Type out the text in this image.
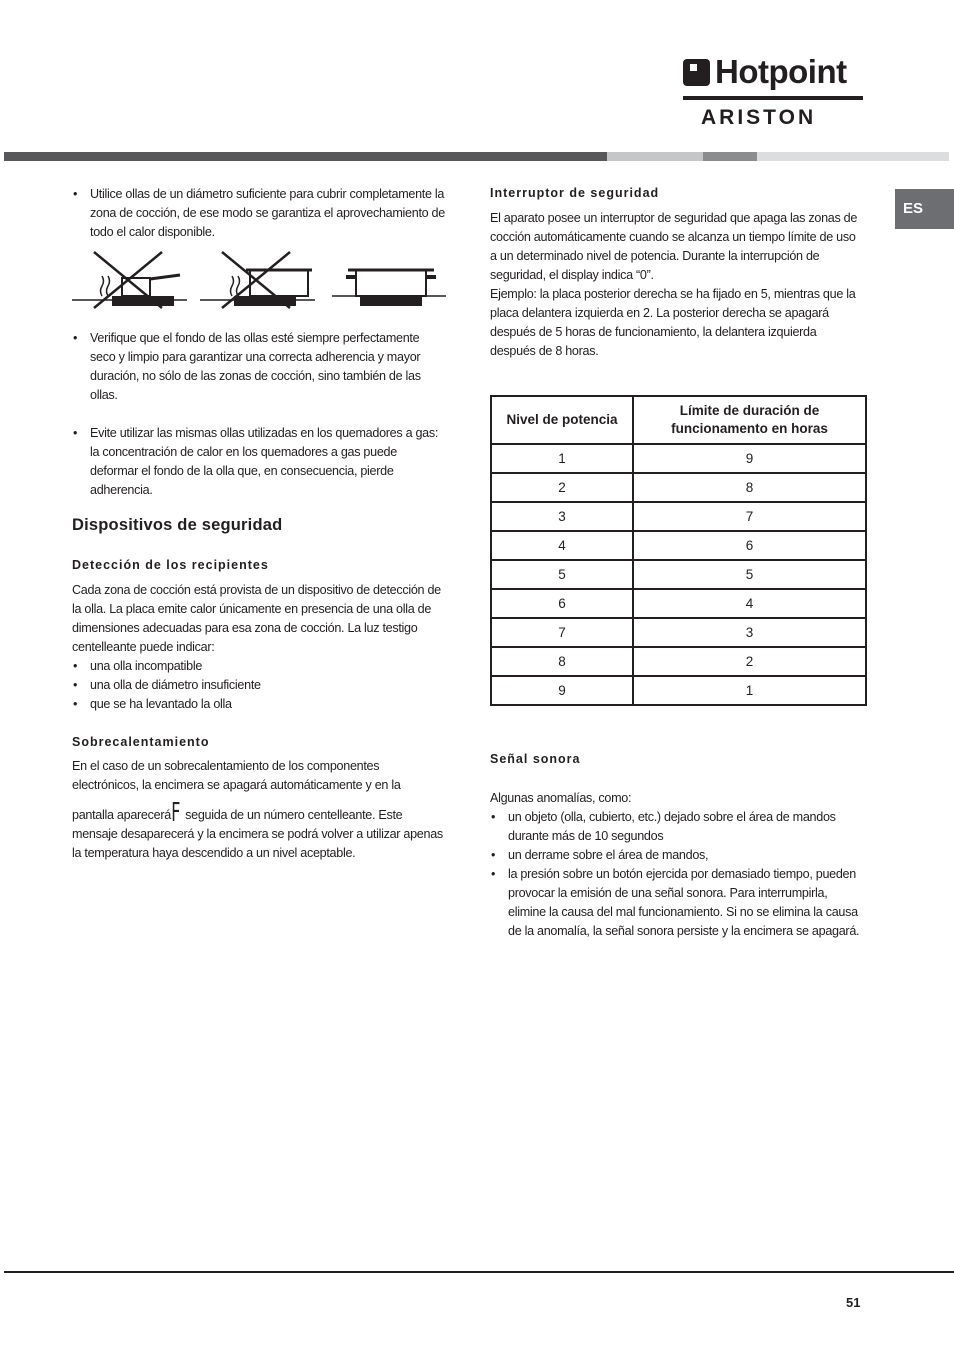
Hotpoint
ARISTON
ES

• Utilice ollas de un diámetro suficiente para cubrir completamente la zona de cocción, de ese modo se garantiza el aprovechamiento de todo el calor disponible.

• Verifique que el fondo de las ollas esté siempre perfectamente seco y limpio para garantizar una correcta adherencia y mayor duración, no sólo de las zonas de cocción, sino también de las ollas.

• Evite utilizar las mismas ollas utilizadas en los quemadores a gas: la concentración de calor en los quemadores a gas puede deformar el fondo de la olla que, en consecuencia, pierde adherencia.

Dispositivos de seguridad
Detección de los recipientes

Cada zona de cocción está provista de un dispositivo de detección de la olla. La placa emite calor únicamente en presencia de una olla de dimensiones adecuadas para esa zona de cocción. La luz testigo centelleante puede indicar:

• una olla incompatible

• una olla de diámetro insuficiente

• que se ha levantado la olla

Sobrecalentamiento

En el caso de un sobrecalentamiento de los componentes electrónicos, la encimera se apagará automáticamente y en la

pantalla apareceráF seguida de un número centelleante. Este

mensaje desaparecerá y la encimera se podrá volver a utilizar apenas la temperatura haya descendido a un nivel aceptable.

Interruptor de seguridad

El aparato posee un interruptor de seguridad que apaga las zonas de cocción automáticamente cuando se alcanza un tiempo límite de uso a un determinado nivel de potencia. Durante la interrupción de seguridad, el display indica “0”.

Ejemplo: la placa posterior derecha se ha fijado en 5, mientras que la placa delantera izquierda en 2. La posterior derecha se apagará después de 5 horas de funcionamiento, la delantera izquierda después de 8 horas.

Nivel de potencia	Límite de duración de funcionamento en horas
1	9
2	8
3	7
4	6
5	5
6	4
7	3
8	2
9	1
Señal sonora

Algunas anomalías, como:

• un objeto (olla, cubierto, etc.) dejado sobre el área de mandos durante más de 10 segundos

• un derrame sobre el área de mandos,

• la presión sobre un botón ejercida por demasiado tiempo, pueden provocar la emisión de una señal sonora. Para interrumpirla, elimine la causa del mal funcionamiento. Si no se elimina la causa de la anomalía, la señal sonora persiste y la encimera se apagará.

51
